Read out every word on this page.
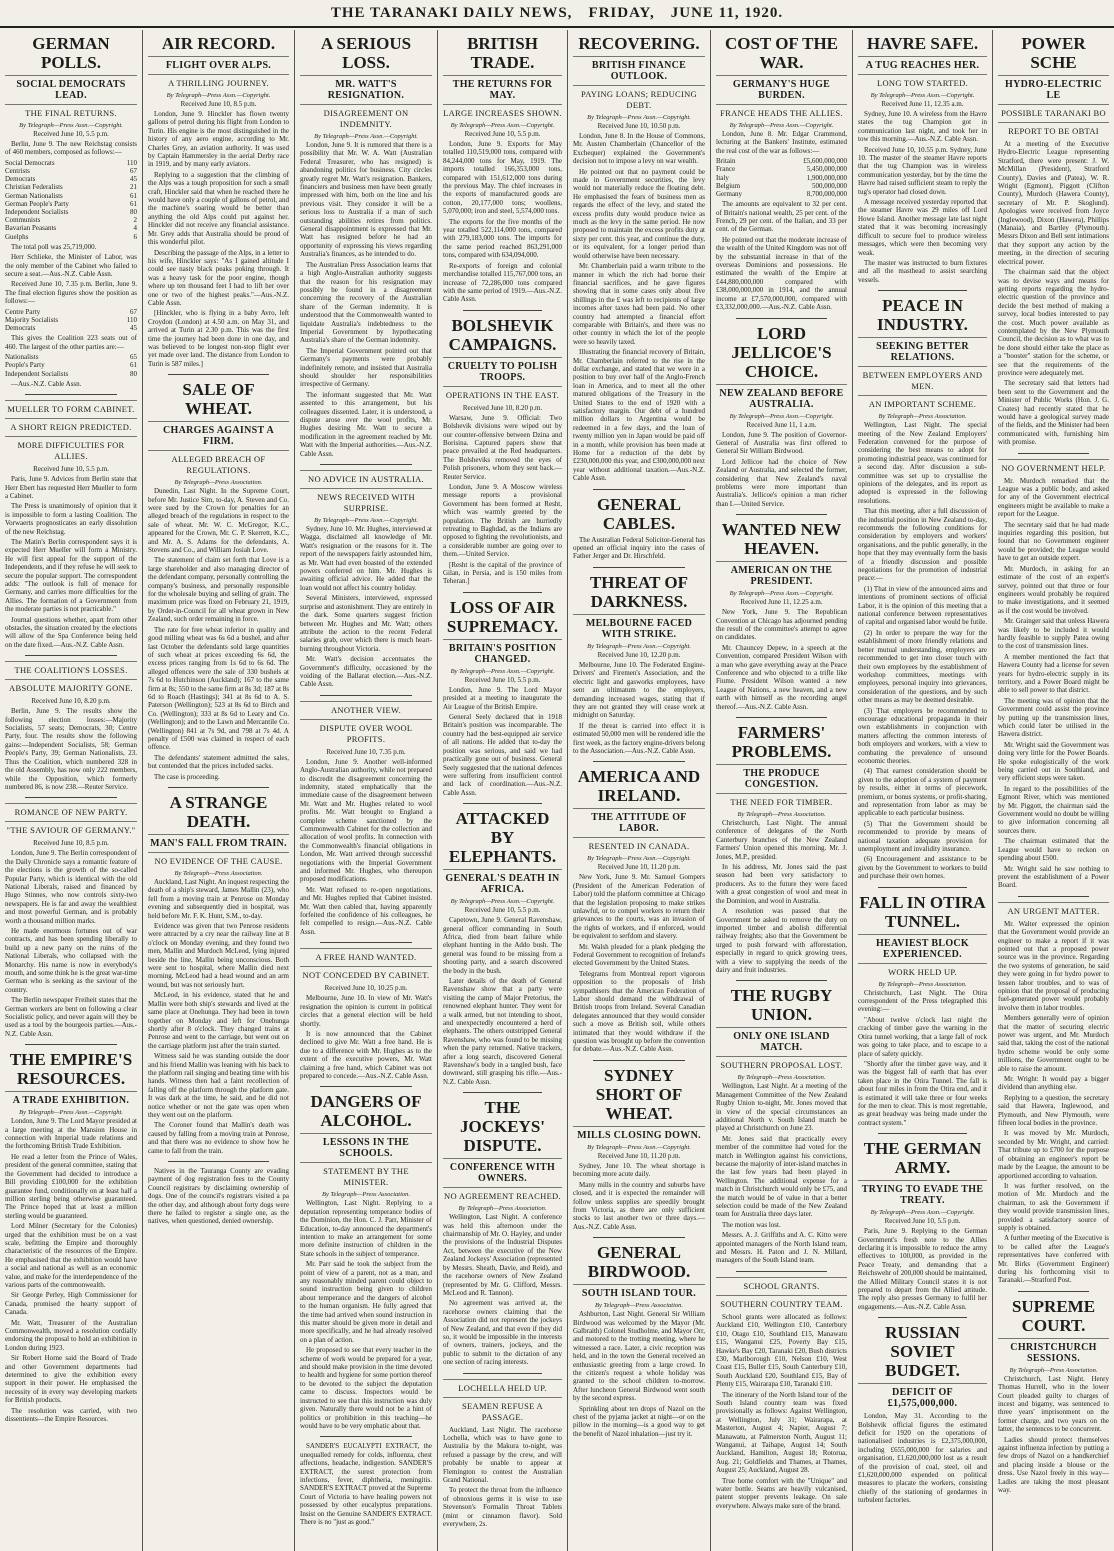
THE TARANAKI DAILY NEWS, FRIDAY, JUNE 11, 1920.
GERMAN POLLS.
SOCIAL DEMOCRATS LEAD.
THE FINAL RETURNS.
By Telegraph—Press Assn.—Copyright.
Received June 10, 5.5 p.m.

Berlin, June 9. The new Reichstag consists of 460 members, composed as follows:—

Social Democrats	110
Centrists	67
Democrats	45
Christian Federalists	21
German Nationalists	61
German People's Party	61
Independent Socialists	80
Communists	2
Bavarian Peasants	4
Guelphs	6

The total poll was 25,719,000.

Herr Schlieke, the Minister of Labor, was the only member of the Cabinet who failed to secure a seat.—Aus.-N.Z. Cable Assn.

Received June 10, 7.35 p.m. Berlin, June 9. The final election figures show the position as follows:—

Centre Party	67
Majority Socialists	110
Democrats	45

This gives the Coalition 223 seats out of 460. The largest of the other parties are:—

Nationalists	65
People's Party	61
Independent Socialists	80

—Aus.-N.Z. Cable Assn.

MUELLER TO FORM CABINET.
A SHORT REIGN PREDICTED.
MORE DIFFICULTIES FOR ALLIES.
Received June 10, 5.5 p.m.

Paris, June 9. Advices from Berlin state that Herr Ebert has requested Herr Mueller to form a Cabinet.

The Press is unanimously of opinion that it is impossible to form a lasting Coalition. The Vorwaerts prognosticates an early dissolution of the new Reichstag.

The Matin's Berlin correspondent says it is expected Herr Mueller will form a Ministry. He will first appeal for the support of the Independents, and if they refuse he will seek to secure the popular support. The correspondent adds: "The outlook is full of menace for Germany, and carries more difficulties for the Allies. The formation of a Government from the moderate parties is not practicable."

Journal questions whether, apart from other obstacles, the situation created by the elections will allow of the Spa Conference being held on the date fixed.—Aus.-N.Z. Cable Assn.

THE COALITION'S LOSSES.
ABSOLUTE MAJORITY GONE.
Received June 10, 8.20 p.m.

Berlin, June 9. The results show the following election losses:—Majority Socialists, 57 seats; Democrats, 30; Centre Party, four. The results show the following gains:—Independent Socialists, 58; German People's Party, 39; German Nationalists, 23. Thus the Coalition, which numbered 328 in the old Assembly, has now only 222 members, while the Opposition, which formerly numbered 86, is now 238.—Reuter Service.

ROMANCE OF NEW PARTY.
"THE SAVIOUR OF GERMANY."
Received June 10, 8.5 p.m.

London, June 9. The Berlin correspondent of the Daily Chronicle says a romantic feature of the elections is the growth of the so-called Popular Party, which is identical with the old National Liberals, raised and financed by Hugo Stinnes, who now controls sixty-two newspapers. He is far and away the wealthiest and most powerful German, and is probably worth a thousand million marks.

He made enormous fortunes out of war contracts, and has been spending liberally to build up a new party on the ruins of the National Liberals, who collapsed with the Monarchy. His name is now in everybody's mouth, and some think he is the great war-time German who is seeking as the saviour of the country.

The Berlin newspaper Freiheit states that the German workers are bent on following a clear Socialistic policy, and never again will they be used as a tool by the bourgeois parties.—Aus.-N.Z. Cable Assn.

THE EMPIRE'S RESOURCES.
A TRADE EXHIBITION.
By Telegraph—Press Assn.—Copyright.

London, June 9. The Lord Mayor presided at a large meeting at the Mansion House in connection with Imperial trade relations and the forthcoming British Trade Exhibition.

He read a letter from the Prince of Wales, president of the general committee, stating that the Government had decided to introduce a Bill providing £100,000 for the exhibition guarantee fund, conditionally on at least half a million sterling being otherwise guaranteed. The Prince hoped that at least a million sterling would be guaranteed.

Lord Milner (Secretary for the Colonies) urged that the exhibition must be on a vast scale, befitting the Empire and thoroughly characteristic of the resources of the Empire. He emphasised that the exhibition would have a social and national as well as an economic value, and make for the interdependence of the various parts of the commonwealth.

Sir George Perley, High Commissioner for Canada, promised the hearty support of Canada.

Mr. Watt, Treasurer of the Australian Commonwealth, moved a resolution cordially endorsing the proposal to hold an exhibition in London during 1923.

Sir Robert Horne said the Board of Trade and other Government departments had determined to give the exhibition every support in their power. He emphasised the necessity of in every way developing markets for British products.

The resolution was carried, with two dissentients—the Empire Resources.

AIR RECORD.
FLIGHT OVER ALPS.
A THRILLING JOURNEY.
By Telegraph—Press Assn.—Copyright.
Received June 10, 8.5 p.m.

London, June 9. Hinckler has flown twenty gallons of petrol during his flight from London to Turin. His engine is the most distinguished in the history of any aero engine, according to Mr. Charles Grey, an aviation authority. It was used by Captain Hammersley in the aerial Derby race in 1919, and by many early aviators.

Replying to a suggestion that the climbing of the Alps was a tough proposition for such a small craft, Hinckler said that when he reached there he would have only a couple of gallons of petrol, and the machine's soaring would be better than anything the old Alps could put against her. Hinckler did not receive any financial assistance. Mr. Grey adds that Australia should be proud of this wonderful pilot.

Describing the passage of the Alps, in a letter to his wife, Hinckler says: "As I gained altitude I could see nasty black peaks poking through. It was a heavy task for the poor engine, though where up ten thousand feet I had to lift her over one or two of the highest peaks."—Aus.-N.Z. Cable Assn.

[Hinckler, who is flying in a baby Avro, left Croydon (London) at 4.50 a.m. on May 31, and arrived at Turin at 2.30 p.m. This was the first time the journey had been done in one day, and was believed to be longest non-stop flight ever yet made over land. The distance from London to Turin is 587 miles.]

SALE OF WHEAT.
CHARGES AGAINST A FIRM.
ALLEGED BREACH OF REGULATIONS.
By Telegraph—Press Association.

Dunedin, Last Night. In the Supreme Court, before Mr. Justice Sim, to-day, A. Steven and Co. were sued by the Crown for penalties for an alleged breach of the regulations in respect to the sale of wheat. Mr. W. C. McGregor, K.C., appeared for the Crown, Mr. C. P. Skerrett, K.C., and Mr. A. S. Adams for the defendants, A. Stevens and Co., and William Josiah Love.

The statement of claim set forth that Love is a large shareholder and also managing director of the defendant company, personally controlling the company's business, and personally responsible for the wholesale buying and selling of grain. The maximum price was fixed on February 21, 1919, by Order-in-Council for all wheat grown in New Zealand, such order remaining in force.

The rate for free wheat inferior in quality and good milling wheat was 6s 6d a bushel, and after last October the defendants sold large quantities of such wheat at prices exceeding 6s 6d, the excess prices ranging from 1s 6d to 6s 6d. The alleged offences were the sale of 330 bushels at 7s 6d to Hutchinson (Auckland); 167 to the same firm at 8s; 550 to the same firm at 8s 3d; 187 at 8s 6d to Roach (Hastings); 341 at 8s 6d to A. S. Paterson (Wellington); 523 at 8s 6d to Birch and Co. (Wellington); 333 at 8s 6d to Leary and Co. (Wellington); and to the Lawn and Mercantile Co. (Wellington) 841 at 7s 9d, and 798 at 7s 4d. A penalty of £500 was claimed in respect of each offence.

The defendants' statement admitted the sales, but contended that the prices included sacks.

The case is proceeding.

A STRANGE DEATH.
MAN'S FALL FROM TRAIN.
NO EVIDENCE OF THE CAUSE.
By Telegraph—Press Association.

Auckland, Last Night. An inquest respecting the death of a ship's steward, James Mallin (23), who fell from a moving train at Penrose on Monday evening and subsequently died in hospital, was held before Mr. F. K. Hunt, S.M., to-day.

Evidence was given that two Penrose residents were attracted by a cry near the railway line at 8 o'clock on Monday evening, and they found two men, Mallin and Murdoch McLeod, lying injured beside the line, Mallin being unconscious. Both were sent to hospital, where Mallin died next morning. McLeod had a head wound and an arm wound, but was not seriously hurt.

McLeod, in his evidence, stated that he and Mallin were both ship's stewards and lived at the same place at Onehunga. They had been in town together on Monday and left for Onehunga shortly after 8 o'clock. They changed trains at Penrose and went to the carriage, but went out on the carriage platform just after the train started.

Witness said he was standing outside the door and his friend Mallin was leaning with his back to the platform rail singing and beating time with his hands. Witness then had a faint recollection of falling off the platform through the platform gate. It was dark at the time, he said, and he did not notice whether or not the gate was open when they went out on the platform.

The Coroner found that Mallin's death was caused by falling from a moving train at Penrose, and that there was no evidence to show how he came to fall from the train.

Natives in the Tauranga County are evading payment of dog registration fees to the County Council registrars by disclaiming ownership of dogs. One of the council's registrars visited a pa the other day, and although about forty dogs were there he failed to register a single one, as the natives, when questioned, denied ownership.

A SERIOUS LOSS.
MR. WATT'S RESIGNATION.
DISAGREEMENT ON INDEMNITY.
By Telegraph—Press Assn.—Copyright.

London, June 9. It is rumored that there is a possibility that Mr. W. A. Watt (Australian Federal Treasurer, who has resigned) is abandoning politics for business. City circles greatly regret Mr. Watt's resignation. Bankers, financiers and business men have been greatly impressed with him, both on the line and his previous visit. They consider it will be a serious loss to Australia if a man of such outstanding abilities retires from politics. General disappointment is expressed that Mr. Watt has resigned before he had an opportunity of expressing his views regarding Australia's finances, as he intended to do.

The Australian Press Association learns that a high Anglo-Australian authority suggests that the reason for his resignation may possibly be found in a disagreement concerning the recovery of the Australian share of the German indemnity. It is understood that the Commonwealth wanted to liquidate Australia's indebtedness to the Imperial Government by hypothecating Australia's share of the German indemnity.

The Imperial Government pointed out that Germany's payments were probably indefinitely remote, and insisted that Australia should shoulder her responsibilities irrespective of Germany.

The informant suggested that Mr. Watt assented to this arrangement, but his colleagues dissented. Later, it is understood, a dispute arose over the wool profits, Mr. Hughes desiring Mr. Watt to secure a modification in the agreement reached by Mr. Watt with the Imperial authorities.—Aus.-N.Z. Cable Assn.

NO ADVICE IN AUSTRALIA.
NEWS RECEIVED WITH SURPRISE.
By Telegraph—Press Assn.—Copyright.

Sydney, June 10. Mr. Hughes, interviewed at Wagga, disclaimed all knowledge of Mr. Watt's resignation or the reasons for it. The report of the newspapers fairly astounded him, as Mr. Watt had even boasted of the extended powers conferred on him. Mr. Hughes is awaiting official advice. He added that the loan would not affect his country holiday.

Several Ministers, interviewed, expressed surprise and astonishment. They are entirely in the dark. Some quarters suggest friction between Mr. Hughes and Mr. Watt; others attribute the action to the recent Federal salaries grab, over which there is much heart-burning throughout Victoria.

Mr. Watt's decision accentuates the Government's difficulty, occasioned by the voiding of the Ballarat election.—Aus.-N.Z. Cable Assn.

ANOTHER VIEW.
DISPUTE OVER WOOL PROFITS.
Received June 10, 7.35 p.m.

London, June 9. Another well-informed Anglo-Australian authority, while not prepared to discredit the disagreement concerning the indemnity, stated emphatically that the immediate cause of the disagreement between Mr. Watt and Mr. Hughes related to wool profits. Mr. Watt brought to England a complete scheme sanctioned by the Commonwealth Cabinet for the collection and allocation of wool profits. In connection with the Commonwealth's financial obligations in London, Mr. Watt arrived through successful negotiations with the Imperial Government and informed Mr. Hughes, who thereupon proposed modifications.

Mr. Watt refused to re-open negotiations, and Mr. Hughes replied that Cabinet insisted. Mr. Watt then cabled that, having apparently forfeited the confidence of his colleagues, he felt compelled to resign.—Aus.-N.Z. Cable Assn.

A FREE HAND WANTED.
NOT CONCEDED BY CABINET.
Received June 10, 10.25 p.m.

Melbourne, June 10. In view of Mr. Watt's resignation the opinion is current in political circles that a general election will be held shortly.

It is now announced that the Cabinet declined to give Mr. Watt a free hand. He is due to a difference with Mr. Hughes as to the extent of the executive powers, Mr. Watt claiming a free hand, which Cabinet was not prepared to concede.—Aus.-N.Z. Cable Assn.

DANGERS OF ALCOHOL.
LESSONS IN THE SCHOOLS.
STATEMENT BY THE MINISTER.
By Telegraph—Press Association.

Wellington, Last Night. Replying to a deputation representing temperance bodies of the Dominion, the Hon. C. J. Parr, Minister of Education, to-day announced the department's intention to make an arrangement for some more definite instruction of children in the State schools in the subject of temperance.

Mr. Parr said he took the subject from the point of view of a parent, not as a man, and any reasonably minded parent could object to sound instruction being given to children about temperance and the dangers of alcohol to the human organism. He fully agreed that the time had arrived when sound instruction in this matter should be given more in detail and more specifically, and he had already resolved on a plan of action.

He proposed to see that every teacher in the scheme of work would be prepared for a year, and should make provision in the time devoted to health and hygiene for some portion thereof to be devoted to the subject the deputation came to discuss. Inspectors would be instructed to see that this instruction was duly given. Naturally there would not be a hint of politics or prohibition in this teaching—he would have to be very emphatic about that.

SANDER'S EUCALYPTI EXTRACT, the unequalled remedy for colds, influenza, chest affections, headache, indigestion. SANDER'S EXTRACT, the surest protection from infections, fever, diphtheria, meningitis. SANDER'S EXTRACT proved at the Supreme Court of Victoria to have healing powers not possessed by other eucalyptus preparations. Insist on the Genuine SANDER'S EXTRACT. There is no "just as good."

BRITISH TRADE.
THE RETURNS FOR MAY.
LARGE INCREASES SHOWN.
By Telegraph—Press Assn.—Copyright.
Received June 10, 5.5 p.m.

London, June 9. Exports for May totalled 110,519,000 tons, compared with 84,244,000 tons for May, 1919. The imports totalled 166,353,000 tons, compared with 151,612,000 tons during the previous May. The chief increases in the exports of manufactured goods are cotton, 20,177,000 tons; woollens, 5,070,000; iron and steel, 5,574,000 tons.

The exports for the five months of the year totalled 522,114,000 tons, compared with 279,183,000 tons. The imports for the same period reached 863,291,000 tons, compared with 634,094,000.

Re-exports of foreign and colonial merchandise totalled 115,767,000 tons, an increase of 72,286,000 tons compared with the same period of 1919.—Aus.-N.Z. Cable Assn.

BOLSHEVIK CAMPAIGNS.
CRUELTY TO POLISH TROOPS.
OPERATIONS IN THE EAST.
Received June 10, 8.20 p.m.

Warsaw, June 9. Official: Two Bolshevik divisions were wiped out by our counter-offensive between Dzina and Borisina. Captured papers show that peace prevailed at the Red headquarters. The Bolsheviks removed the eyes of Polish prisoners, whom they sent back.—Reuter Service.

London, June 9. A Moscow wireless message reports a provisional Government has been formed at Resht, which was warmly greeted by the population. The British are hurriedly retreating to Baghdad, as the Indians are opposed to fighting the revolutionists, and a considerable number are going over to them.—United Service.

[Resht is the capital of the province of Gilan, in Persia, and is 150 miles from Teheran.]

LOSS OF AIR SUPREMACY.
BRITAIN'S POSITION CHANGED.
By Telegraph—Press Assn.—Copyright.
Received June 10, 5.5 p.m.

London, June 9. The Lord Mayor presided at a meeting to inaugurate the Air League of the British Empire.

General Seely declared that in 1918 Britain's position was incomparable. The country had the best-equipped air service of all nations. He added that to-day the position was serious, and said we had practically gone out of business. General Seely suggested that the national defences were suffering from insufficient control and lack of coordination.—Aus.-N.Z. Cable Assn.

ATTACKED BY ELEPHANTS.
GENERAL'S DEATH IN AFRICA.
By Telegraph—Press Assn.—Copyright.
Received June 10, 5.5 p.m.

Capetown, June 9. General Ravenshaw, general officer commanding in South Africa, died from heart failure while elephant hunting in the Addo bush. The general was found to be missing from a shooting party, and a search discovered the body in the bush.

Later details of the death of General Ravenshaw show that a party were visiting the camp of Major Pretorius, the renowned elephant hunter. They went for a walk armed, but not intending to shoot, and unexpectedly encountered a herd of elephants. The others outstripped General Ravenshaw, who was found to be missing when the party returned. Native trackers, after a long search, discovered General Ravenshaw's body in a tangled bush, face downward, still grasping his rifle.—Aus.-N.Z. Cable Assn.

THE JOCKEYS' DISPUTE.
CONFERENCE WITH OWNERS.
NO AGREEMENT REACHED.
By Telegraph—Press Association.

Wellington, Last Night. A conference was held this afternoon under the chairmanship of Mr. O. Hayley, and under the provisions of the Industrial Disputes Act, between the executive of the New Zealand Jockeys' Association (represented by Messrs. Sheath, Davie, and Reid), and the racehorse owners of New Zealand (represented by Mr. G. Clifford, Messrs. McLeod and R. Tannon).

No agreement was arrived at, the racehorse owners claiming that the Association did not represent the jockeys of New Zealand, and that even if they did so, it would be impossible in the interests of owners, trainers, jockeys, and the public to submit to the dictation of any one section of racing interests.

LOCHELLA HELD UP.
SEAMEN REFUSE A PASSAGE.

Auckland, Last Night. The racehorse Lochella, which was to have gone to Australia by the Makura to-night, was refused a passage by the crew, and will probably be unable to appear at Flemington to contest the Australian Grand National.

To protect the throat from the influence of obnoxious germs it is wise to use Stevenson's Formalin Throat Tablets (mint or cinnamon flavor). Sold everywhere, 2s.

RECOVERING.
BRITISH FINANCE OUTLOOK.
PAYING LOANS; REDUCING DEBT.
By Telegraph—Press Assn.—Copyright.
Received June 10, 10.50 p.m.

London, June 8. In the House of Commons, Mr. Austen Chamberlain (Chancellor of the Exchequer) explained the Government's decision not to impose a levy on war wealth.

He pointed out that no payment could be made in Government securities, the levy would not materially reduce the floating debt. He emphasised the fears of business men as regards the effect of the levy, and stated the excess profits duty would produce twice as much as the levy in the same period. He now proposed to maintain the excess profits duty at sixty per cent. this year, and continue the duty, or its equivalent, for a longer period than would otherwise have been necessary.

Mr. Chamberlain paid a warm tribute to the manner in which the rich had borne their financial sacrifices, and he gave figures showing that in some cases only about five shillings in the £ was left to recipients of large incomes after taxes had been paid. No other country had attempted a financial effort comparable with Britain's, and there was no other country in which the lot of the people were so heavily taxed.

Illustrating the financial recovery of Britain, Mr. Chamberlain referred to the rise in the dollar exchange, and stated that we were in a position to buy over half of the Anglo-French loan in America, and to meet all the other matured obligations of the Treasury in the United States to the end of 1920 with a satisfactory margin. Our debt of a hundred million dollars to Argentina would be redeemed in a few days, and the loan of twenty million yen in Japan would be paid off in a month, while provision has been made at Home for a reduction of the debt by £230,000,000 this year, and £300,000,000 next year without additional taxation.—Aus.-N.Z. Cable Assn.

GENERAL CABLES.

The Australian Federal Solicitor-General has opened an official inquiry into the cases of Father Jerger and Dr. Hirschfeld.

THREAT OF DARKNESS.
MELBOURNE FACED WITH STRIKE.
By Telegraph—Press Assn.—Copyright.
Received June 10, 12.20 p.m.

Melbourne, June 10. The Federated Engine-Drivers' and Firemen's Association, and the electric light and gasworks employees, have sent an ultimatum to the employers, demanding increased wages, stating that if they are not granted they will cease work at midnight on Saturday.

If the threat is carried into effect it is estimated 50,000 men will be rendered idle the first week, as the factory engine-drivers belong to the Association.—Aus.-N.Z. Cable Assn.

AMERICA AND IRELAND.
THE ATTITUDE OF LABOR.
RESENTED IN CANADA.
By Telegraph—Press Assn.—Copyright.
Received June 10, 11.20 p.m.

New York, June 9. Mr. Samuel Gompers (President of the American Federation of Labor) told the platform committee at Chicago that the legislation proposing to make strikes unlawful, or to compel workers to return their grievances to the courts, was an invasion of the rights of workers, and if enforced, would be equivalent to serfdom and slavery.

Mr. Walsh pleaded for a plank pledging the Federal Government to recognition of Ireland's elected Government by the United States.

Telegrams from Montreal report vigorous opposition to the proposals of Irish sympathisers that the American Federation of Labor should demand the withdrawal of British troops from Ireland. Several Canadian delegates announced that they would consider such a move as British soil, while others intimated that they would withdraw if the question was brought up before the convention for debate.—Aus.-N.Z. Cable Assn.

SYDNEY SHORT OF WHEAT.
MILLS CLOSING DOWN.
By Telegraph—Press Assn.—Copyright.
Received June 10, 11.20 p.m.

Sydney, June 10. The wheat shortage is becoming more acute daily.

Many mills in the country and suburbs have closed, and it is expected the remainder will follow unless supplies are speedily brought from Victoria, as there are only sufficient stocks to last another two or three days.—Aus.-N.Z. Cable Assn.

GENERAL BIRDWOOD.
SOUTH ISLAND TOUR.
By Telegraph—Press Association.

Ashburton, Last Night. General Sir William Birdwood was welcomed by the Mayor (Mr. Galbraith) Colonel Studholme, and Mayor Orr, and motored to the trotting meeting, where he witnessed a race. Later, a civic reception was held, and in the town the General received an enthusiastic greeting from a large crowd. In the citizen's request a whole holiday was granted to the school children to-morrow. After luncheon General Birdwood went south by the second express.

Sprinkling about ten drops of Nazol on the chest of the pyjama jacket at night—or on the pillow in the morning—is a good way to get the benefit of Nazol inhalation—just try it.

COST OF THE WAR.
GERMANY'S HUGE BURDEN.
FRANCE HEADS THE ALLIES.
By Telegraph—Press Assn.—Copyright.

London, June 8. Mr. Edgar Crammond, lecturing at the Bankers' Institute, estimated the real cost of the war as follows:—

Britain	£5,600,000,000
France	5,450,000,000
Italy	1,900,000,000
Belgium	500,000,000
Germany	8,700,000,000

The amounts are equivalent to 32 per cent. of Britain's national wealth, 25 per cent. of the French, 29 per cent. of the Italian, and 33 per cent. of the German.

He pointed out that the moderate increase of the wealth of the United Kingdom was not off by the substantial increase in that of the overseas Dominions and possessions. He estimated the wealth of the Empire at £44,880,000,000 compared with £38,000,000,000 in 1914, and the annual income at £7,570,000,000, compared with £3,332,000,000.—Aus.-N.Z. Cable Assn.

LORD JELLICOE'S CHOICE.
NEW ZEALAND BEFORE AUSTRALIA.
By Telegraph—Press Assn.—Copyright.
Received June 11, 1 a.m.

London, June 9. The position of Governor-General of Australia was first offered to General Sir William Birdwood.

Lord Jellicoe had the choice of New Zealand or Australia, and selected the former, considering that New Zealand's naval problems were more important than Australia's. Jellicoe's opinion a man richer than I.—United Service.

WANTED NEW HEAVEN.
AMERICAN ON THE PRESIDENT.
By Telegraph—Press Assn.—Copyright.
Received June 11, 12.25 a.m.

New York, June 9. The Republican Convention at Chicago has adjourned pending the result of the committee's attempt to agree on candidates.

Mr. Chauncey Depew, in a speech at the Convention, compared President Wilson with a man who gave everything away at the Peace Conference and who objected to a trifle like Fiume. President Wilson wanted a new League of Nations, a new heaven, and a new earth with himself as the recording angel thereof.—Aus.-N.Z. Cable Assn.

FARMERS' PROBLEMS.
THE PRODUCE CONGESTION.
THE NEED FOR TIMBER.
By Telegraph—Press Association.

Christchurch, Last Night. The annual conference of delegates of the North Canterbury branches of the New Zealand Farmers' Union opened this morning. Mr. J. Jones, M.P., presided.

In his address, Mr. Jones said the past season had been very satisfactory to producers. As to the future they were faced with a great congestion of wool and meat in the Dominion, and wool in Australia.

A resolution was passed that the Government be asked to remove the duty on imported timber and abolish differential railway freights; also that the Government be urged to push forward with afforestation, especially in regard to quick growing trees, with a view to supplying the needs of the dairy and fruit industries.

THE RUGBY UNION.
ONLY ONE ISLAND MATCH.
SOUTHERN PROPOSAL LOST.
By Telegraph—Press Association.

Wellington, Last Night. At a meeting of the Management Committee of the New Zealand Rugby Union to-night, Mr. Jones moved that in view of the special circumstances an additional North v. South Island match be played at Christchurch on June 23.

Mr. Jones said that practically every member of the committee had voted for the match in Wellington against his convictions, because the majority of inter-island matches in the last few years had been played in Wellington. The additional expense for a match in Christchurch would only be £75, and the match would be of value in that a better selection could be made of the New Zealand team for Australia three days later.

The motion was lost.

Messrs. A. J. Griffiths and A. C. Kitto were appointed managers of the North Island team, and Messrs. H. Paton and J. N. Millard, managers of the South Island team.

SCHOOL GRANTS.
SOUTHERN COUNTRY TEAM.

School grants were allocated as follows: Auckland £10, Wellington £10, Canterbury £10, Otago £10, Southland £15, Manawatu £15, Wanganui £25, Poverty Bay £15, Hawke's Bay £20, Taranaki £20, Bush districts £30, Marlborough £10, Nelson £10, West Coast £15, Buller £15, South Canterbury £10, South Auckland £20, Southland £15, Bay of Plenty £15, Wairarapa £10, Taranaki £10.

The itinerary of the North Island tour of the South Island country team was fixed provisionally as follows: Against Wellington, at Wellington, July 31; Wairarapa, at Masterton, August 4; Napier, August 7; Manawatu, at Palmerston North, August 11; Wanganui, at Taihape, August 14; South Auckland, Hamilton, August 18; Rotorua, Aug. 21; Goldfields and Thames, at Thames, August 25; Auckland, August 28.

True home comfort with the "Unique" and water bottle. Seams are heavily vulcanised, patent stopper prevents leakage. On sale everywhere. Always make sure of the brand.

HAVRE SAFE.
A TUG REACHES HER.
LONG TOW STARTED.
By Telegraph—Press Assn.—Copyright.
Received June 11, 12.35 a.m.

Sydney, June 10. A wireless from the Havre states the tug Champion got in communication last night, and took her in tow this morning.—Aus.-N.Z. Cable Assn.

Received June 10, 10.55 p.m. Sydney, June 10. The master of the steamer Havre reports that the tug Champion was in wireless communication yesterday, but by the time the Havre had raised sufficient steam to reply the tug's operator had closed down.

A message received yesterday reported that the steamer Havre was 29 miles off Lord Howe Island. Another message late last night stated that it was becoming increasingly difficult to secure fuel to produce wireless messages, which were then becoming very weak.

The master was instructed to burn fixtures and all the masthead to assist searching vessels.

PEACE IN INDUSTRY.
SEEKING BETTER RELATIONS.
BETWEEN EMPLOYERS AND MEN.
AN IMPORTANT SCHEME.
By Telegraph—Press Association.

Wellington, Last Night. The special meeting of the New Zealand Employers' Federation convened for the purpose of considering the best means to adopt for promoting industrial peace, was continued for a second day. After discussion a sub-committee was set up to crystallise the opinions of the delegates, and its report as adopted is expressed in the following resolutions.

That this meeting, after a full discussion of the industrial position in New Zealand to-day, recommends the following conditions for consideration by employers and workers' organisations, and the public generally, in the hope that they may eventually form the basis of a friendly discussion and possible negotiations for the promotion of industrial peace:—

(1) That in view of the announced aims and intentions of prominent sections of official Labor, it is the opinion of this meeting that a national conference between representatives of capital and organised labor would be futile.

(2) In order to prepare the way for the establishment of more friendly relations and better mutual understanding, employers are recommended to get into closer touch with their own employees by the establishment of workshop committees, meetings with employees, personal inquiry into grievances, consideration of the questions, and by such other means as may be deemed desirable.

(3) That employers be recommended to encourage educational propaganda in their own establishments in conjunction with matters affecting the common interests of both employers and workers, with a view to combating the prevalence of unsound economic theories.

(4) That earnest consideration should be given to the adoption of a system of payment by results, either in terms of piecework, premium, or bonus systems, or profit-sharing, and representation from labor as may be applicable to each particular business.

(5) That the Government should be recommended to provide by means of national taxation adequate provision for unemployment and invalidity insurance.

(6) Encouragement and assistance to be given by the Government to workers to build and purchase their own homes.

FALL IN OTIRA TUNNEL.
HEAVIEST BLOCK EXPERIENCED.
WORK HELD UP.
By Telegraph—Press Association.

Christchurch, Last Night. The Otira correspondent of the Press telegraphed this evening:—

"About twelve o'clock last night the cracking of timber gave the warning in the Otira tunnel working, that a large fall of rock was going to take place, and to escape to a place of safety quickly.

"Shortly after the timber gave way, and it was the biggest fall of earth that has ever taken place in the Otira Tunnel. The fall is about four miles in from the Otira end, and it is estimated it will take three or four weeks for the men to clear. This is most regrettable, as great headway was being made under the contract system."

THE GERMAN ARMY.
TRYING TO EVADE THE TREATY.
By Telegraph—Press Assn.—Copyright.
Received June 10, 5.5 p.m.

Paris, June 9. Replying to the German Government's fresh note to the Allies declaring it is impossible to reduce the army effectives to 100,000, as provided in the Peace Treaty, and demanding that a Reichswehr of 200,000 should be maintained, the Allied Military Council states it is not prepared to depart from the Allied attitude. The reply also presses Germany to fulfil her engagements.—Aus.-N.Z. Cable Assn.

RUSSIAN SOVIET BUDGET.
DEFICIT OF £1,575,000,000.

London, May 31. According to the Bolshevik official figures the estimated deficit for 1920 on the operations of nationalised industries is £2,375,000,000, including £655,000,000 for salaries and organisation, £1,620,000,000 lost as a result of the provision of coal, steel, oil and £1,620,000,000 expended on political measures to placate the workers, consisting chiefly of the stationing of gendarmes in turbulent factories.

POWER SCHE
HYDRO-ELECTRIC LE
POSSIBLE TARANAKI BO
REPORT TO BE OBTAI

At a meeting of the Executive Hydro-Electric League representing Stratford, there were present: J. W. McMillan (President), Stratford County), Davies and (Patea), W. R. Wright (Egmont), Piggott (Clifton County), Murdoch (Hawera County), secretary of Mr. P. Skoglund). Apologies were received from Joyce (Inglewood), Dixon (Hawera), Phillips (Manaia), and Bartley (Plymouth). Messrs Dixon and Bell sent intimations that they support any action by the meeting, in the direction of securing electrical power.

The chairman said that the object was to devise ways and means for getting reports regarding the hydro-electric question of the province and decide the best method of making a survey, local bodies interested to pay the cost. Much power available as contemplated by the New Plymouth Council, the decision as to what was to be done should either take the place as a "booster" station for the scheme, or see that the requirements of the province were adequately met.

The secretary said that letters had been sent to the Government and the Minister of Public Works (Hon. J. G. Coates) had recently stated that he would have a geological survey made of the fields, and the Minister had been communicated with, furnishing him with promise.

NO GOVERNMENT HELP.

Mr. Murdoch remarked that the League was a public body, and asked for any of the Government electrical engineers might be available to make a report for the League.

The secretary said that he had made inquiries regarding this position, but found that no Government engineer would be provided; the League would have to get an outside expert.

Mr. Murdoch, in asking for an estimate of the cost of an expert's survey, pointed out that three or four engineers would probably be required to make investigations, and it seemed as if the cost would be involved.

Mr. Grainger said that unless Hawera was likely to be included it would hardly feasible to supply Patea owing to the cost of transmission lines.

A member mentioned the fact that Hawera County had a license for seven years for hydro-electric supply in its territory, and a Power Board might be able to sell power to that district.

The meeting was of opinion that the Government could assist the province by putting up the transmission lines, which could later be utilised in the Hawera district.

Mr. Wright said the Government was doing very little for the Power Boards. He spoke eulogistically of the work being carried out in Southland, and very efficient steps were taken.

In regard to the possibilities of the Egmont River, which was mentioned by Mr. Piggott, the chairman said the Government would no doubt be willing to give information concerning all sources there.

The chairman estimated that the League would have to reckon on spending about £500.

Mr. Wright said he saw nothing to prevent the establishment of a Power Board.

AN URGENT MATTER.

Mr. Walter expressed the opinion that the Government would provide an engineer to make a report if it was pointed out that a proposed power source was in the province. Regarding the two systems of generation, he said they were going in for hydro power to lessen labor troubles, and to was of opinion that the proposal of producing fuel-generated power would probably involve them in labor troubles.

Members generally were of opinion that the matter of securing electric power was urgent, and Mr. Murdoch said that, taking the cost of the national hydro scheme would be only some millions, the Government ought to be able to raise the amount.

Mr. Wright: It would pay a bigger dividend than anything else.

Replying to a question, the secretary said that Hawera, Inglewood, and Plymouth, and New Plymouth, were fifteen local bodies in the province.

It was moved by Mr. Murdoch, seconded by Mr. Wright, and carried: That tribute up to £700 for the purpose of obtaining an engineer's report be made by the League, the amount to be apportioned according to valuation.

It was further resolved, on the motion of Mr. Murdoch and the chairman, to ask the Government if they would provide transmission lines, provided a satisfactory source of supply is obtained.

A further meeting of the Executive is to be called after the League's representatives have conferred with Mr. Birks (Government Engineer) during his forthcoming visit to Taranaki.—Stratford Post.

SUPREME COURT.
CHRISTCHURCH SESSIONS.
By Telegraph—Press Association.

Christchurch, Last Night. Henry Thomas Hurrell, who in the lower Court pleaded guilty to charges of incest and bigamy, was sentenced to three years' imprisonment on the former charge, and two years on the latter, the sentences to be concurrent.

Ladies should protect themselves against influenza infection by putting a few drops of Nazol on a handkerchief and placing inside a blouse or the dress. Use Nazol freely in this way—Ladies are taking the most pleasant way.
